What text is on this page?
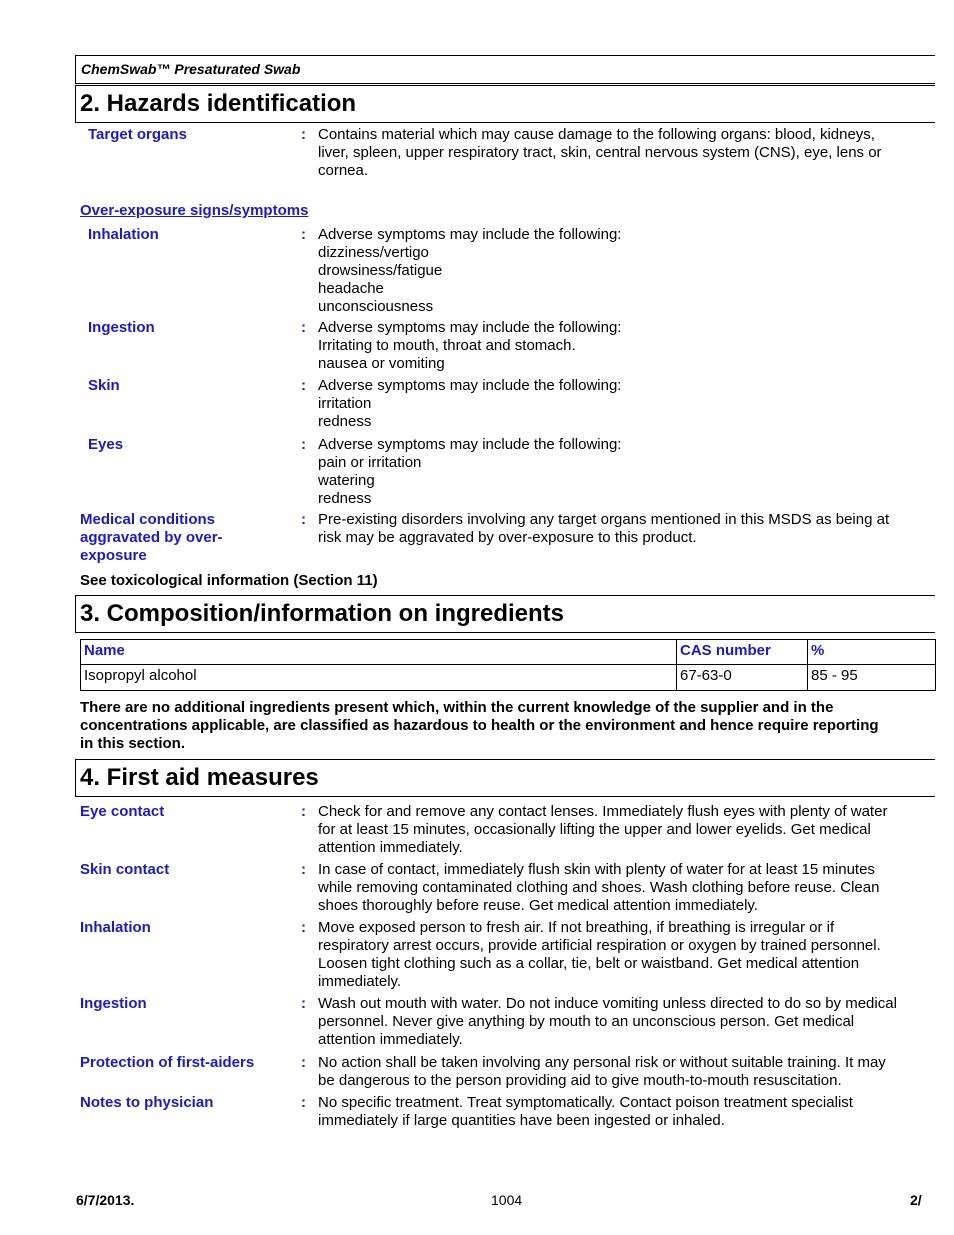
ChemSwab™ Presaturated Swab
2. Hazards identification
Target organs	: Contains material which may cause damage to the following organs: blood, kidneys,
liver, spleen, upper respiratory tract, skin, central nervous system (CNS), eye, lens or
cornea.
Over-exposure signs/symptoms
Inhalation	: Adverse symptoms may include the following:
dizziness/vertigo
drowsiness/fatigue
headache
unconsciousness
Ingestion	: Adverse symptoms may include the following:
Irritating to mouth, throat and stomach.
nausea or vomiting
Skin	: Adverse symptoms may include the following:
irritation
redness
Eyes	: Adverse symptoms may include the following:
pain or irritation
watering
redness
Medical conditions
aggravated by over-
exposure
: Pre-existing disorders involving any target organs mentioned in this MSDS as being at
risk may be aggravated by over-exposure to this product.
See toxicological information (Section 11)
3. Composition/information on ingredients
Name	CAS number	%
Isopropyl alcohol	67-63-0	85 - 95
There are no additional ingredients present which, within the current knowledge of the supplier and in the
concentrations applicable, are classified as hazardous to health or the environment and hence require reporting
in this section.
4. First aid measures
Eye contact	: Check for and remove any contact lenses. Immediately flush eyes with plenty of water
for at least 15 minutes, occasionally lifting the upper and lower eyelids. Get medical
attention immediately.
Skin contact	: In case of contact, immediately flush skin with plenty of water for at least 15 minutes
while removing contaminated clothing and shoes. Wash clothing before reuse. Clean
shoes thoroughly before reuse. Get medical attention immediately.
Inhalation	: Move exposed person to fresh air. If not breathing, if breathing is irregular or if
respiratory arrest occurs, provide artificial respiration or oxygen by trained personnel.
Loosen tight clothing such as a collar, tie, belt or waistband. Get medical attention
immediately.
Ingestion	: Wash out mouth with water. Do not induce vomiting unless directed to do so by medical
personnel. Never give anything by mouth to an unconscious person. Get medical
attention immediately.
Protection of first-aiders	: No action shall be taken involving any personal risk or without suitable training. It may
be dangerous to the person providing aid to give mouth-to-mouth resuscitation.
Notes to physician	: No specific treatment. Treat symptomatically. Contact poison treatment specialist
immediately if large quantities have been ingested or inhaled.
6/7/2013.	1004	2/
